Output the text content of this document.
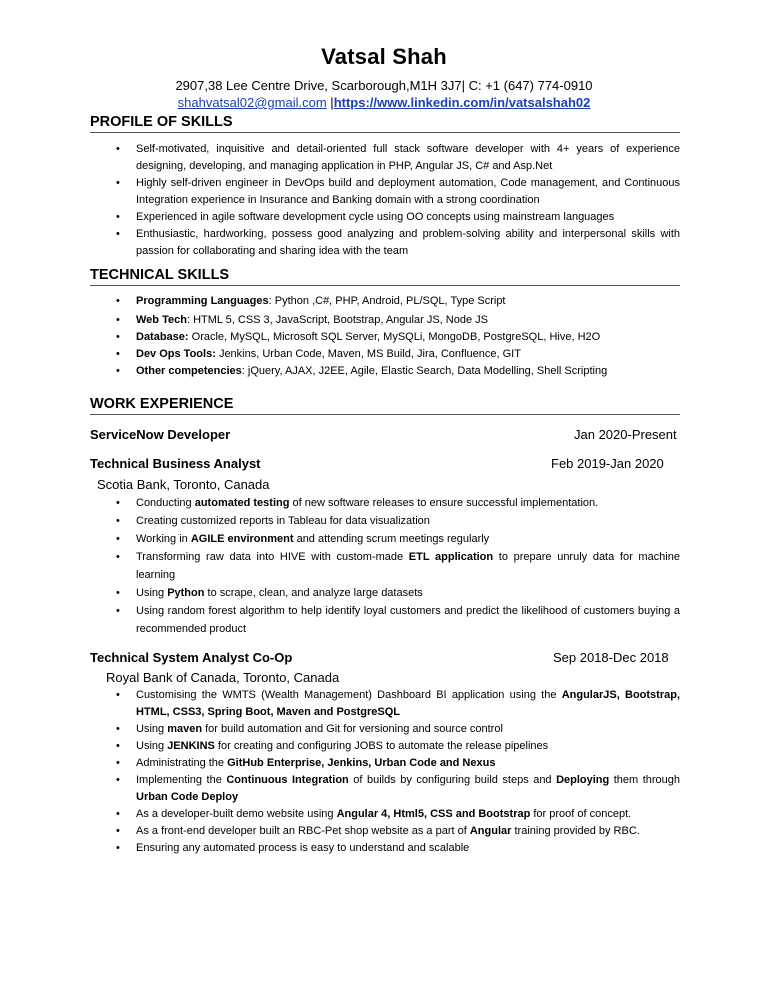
Vatsal Shah
2907,38 Lee Centre Drive, Scarborough,M1H 3J7| C: +1 (647) 774-0910
shahvatsal02@gmail.com |https://www.linkedin.com/in/vatsalshah02
PROFILE OF SKILLS
• Self-motivated, inquisitive and detail-oriented full stack software developer with 4+ years of experience designing, developing, and managing application in PHP, Angular JS, C# and Asp.Net
• Highly self-driven engineer in DevOps build and deployment automation, Code management, and Continuous Integration experience in Insurance and Banking domain with a strong coordination
• Experienced in agile software development cycle using OO concepts using mainstream languages
• Enthusiastic, hardworking, possess good analyzing and problem-solving ability and interpersonal skills with passion for collaborating and sharing idea with the team
TECHNICAL SKILLS
• Programming Languages: Python ,C#, PHP, Android, PL/SQL, Type Script
• Web Tech: HTML 5, CSS 3, JavaScript, Bootstrap, Angular JS, Node JS
• Database: Oracle, MySQL, Microsoft SQL Server, MySQLi, MongoDB, PostgreSQL, Hive, H2O
• Dev Ops Tools: Jenkins, Urban Code, Maven, MS Build, Jira, Confluence, GIT
• Other competencies: jQuery, AJAX, J2EE, Agile, Elastic Search, Data Modelling, Shell Scripting
WORK EXPERIENCE
ServiceNow Developer	Jan 2020-Present
Technical Business Analyst	Feb 2019-Jan 2020
Scotia Bank, Toronto, Canada
• Conducting automated testing of new software releases to ensure successful implementation.
• Creating customized reports in Tableau for data visualization
• Working in AGILE environment and attending scrum meetings regularly
• Transforming raw data into HIVE with custom-made ETL application to prepare unruly data for machine learning
• Using Python to scrape, clean, and analyze large datasets
• Using random forest algorithm to help identify loyal customers and predict the likelihood of customers buying a recommended product
Technical System Analyst Co-Op	Sep 2018-Dec 2018
Royal Bank of Canada, Toronto, Canada
• Customising the WMTS (Wealth Management) Dashboard BI application using the AngularJS, Bootstrap, HTML, CSS3, Spring Boot, Maven and PostgreSQL
• Using maven for build automation and Git for versioning and source control
• Using JENKINS for creating and configuring JOBS to automate the release pipelines
• Administrating the GitHub Enterprise, Jenkins, Urban Code and Nexus
• Implementing the Continuous Integration of builds by configuring build steps and Deploying them through Urban Code Deploy
• As a developer-built demo website using Angular 4, Html5, CSS and Bootstrap for proof of concept.
• As a front-end developer built an RBC-Pet shop website as a part of Angular training provided by RBC.
• Ensuring any automated process is easy to understand and scalable
